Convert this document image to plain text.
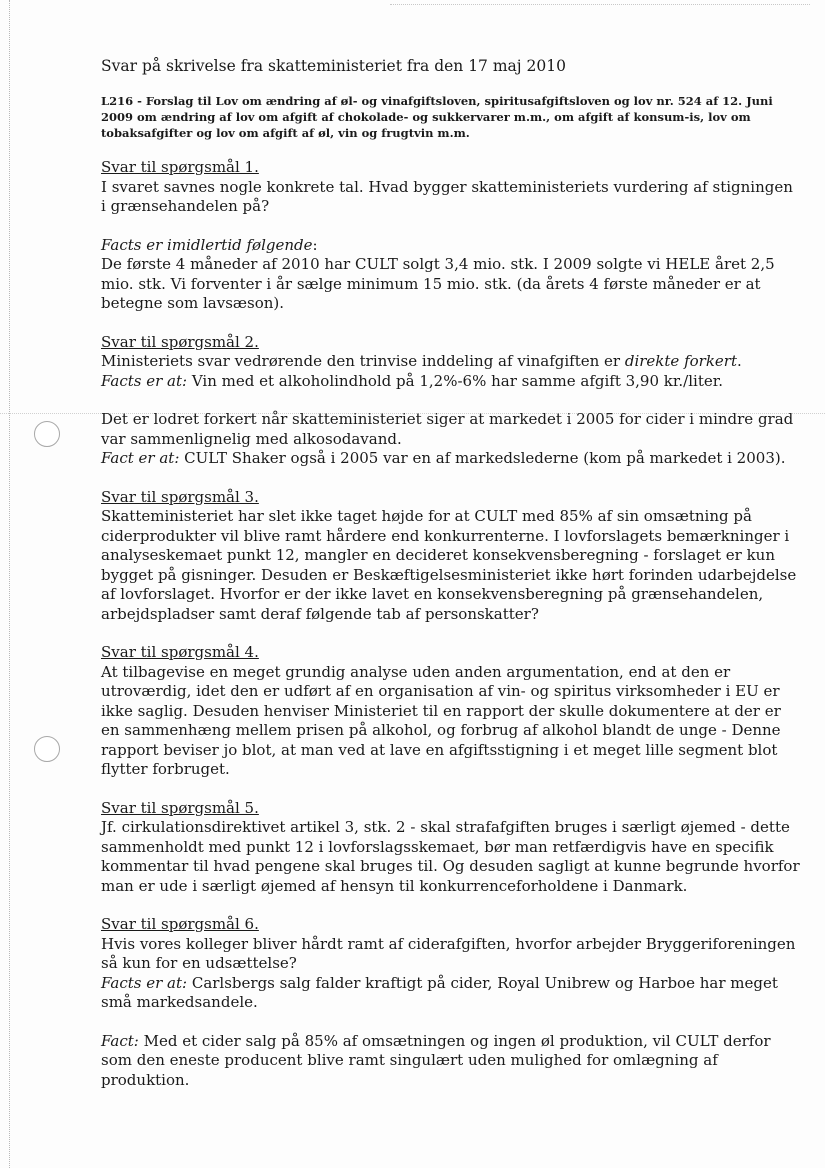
Svar på skrivelse fra skatteministeriet fra den 17 maj 2010
L216 - Forslag til Lov om ændring af øl- og vinafgiftsloven, spiritusafgiftsloven og lov nr. 524 af 12. Juni 2009 om ændring af lov om afgift af chokolade- og sukkervarer m.m., om afgift af konsum-is, lov om tobaksafgifter og lov om afgift af øl, vin og frugtvin m.m.
Svar til spørgsmål 1.
I svaret savnes nogle konkrete tal. Hvad bygger skatteministeriets vurdering af stigningen i grænsehandelen på?
Facts er imidlertid følgende:
De første 4 måneder af 2010 har CULT solgt 3,4 mio. stk. I 2009 solgte vi HELE året 2,5 mio. stk. Vi forventer i år sælge minimum 15 mio. stk. (da årets 4 første måneder er at betegne som lavsæson).
Svar til spørgsmål 2.
Ministeriets svar vedrørende den trinvise inddeling af vinafgiften er direkte forkert.
Facts er at: Vin med et alkoholindhold på 1,2%-6% har samme afgift 3,90 kr./liter.
Det er lodret forkert når skatteministeriet siger at markedet i 2005 for cider i mindre grad var sammenlignelig med alkosodavand.
Fact er at: CULT Shaker også i 2005 var en af markedslederne (kom på markedet i 2003).
Svar til spørgsmål 3.
Skatteministeriet har slet ikke taget højde for at CULT med 85% af sin omsætning på ciderprodukter vil blive ramt hårdere end konkurrenterne. I lovforslagets bemærkninger i analyseskemaet punkt 12, mangler en decideret konsekvensberegning - forslaget er kun bygget på gisninger. Desuden er Beskæftigelsesministeriet ikke hørt forinden udarbejdelse af lovforslaget. Hvorfor er der ikke lavet en konsekvensberegning på grænsehandelen, arbejdspladser samt deraf følgende tab af personskatter?
Svar til spørgsmål 4.
At tilbagevise en meget grundig analyse uden anden argumentation, end at den er utroværdig, idet den er udført af en organisation af vin- og spiritus virksomheder i EU er ikke saglig. Desuden henviser Ministeriet til en rapport der skulle dokumentere at der er en sammenhæng mellem prisen på alkohol, og forbrug af alkohol blandt de unge - Denne rapport beviser jo blot, at man ved at lave en afgiftsstigning i et meget lille segment blot flytter forbruget.
Svar til spørgsmål 5.
Jf. cirkulationsdirektivet artikel 3, stk. 2 - skal strafafgiften bruges i særligt øjemed - dette sammenholdt med punkt 12 i lovforslagsskemaet, bør man retfærdigvis have en specifik kommentar til hvad pengene skal bruges til. Og desuden sagligt at kunne begrunde hvorfor man er ude i særligt øjemed af hensyn til konkurrenceforholdene i Danmark.
Svar til spørgsmål 6.
Hvis vores kolleger bliver hårdt ramt af ciderafgiften, hvorfor arbejder Bryggeriforeningen så kun for en udsættelse?
Facts er at: Carlsbergs salg falder kraftigt på cider, Royal Unibrew og Harboe har meget små markedsandele.
Fact: Med et cider salg på 85% af omsætningen og ingen øl produktion, vil CULT derfor som den eneste producent blive ramt singulært uden mulighed for omlægning af produktion.
